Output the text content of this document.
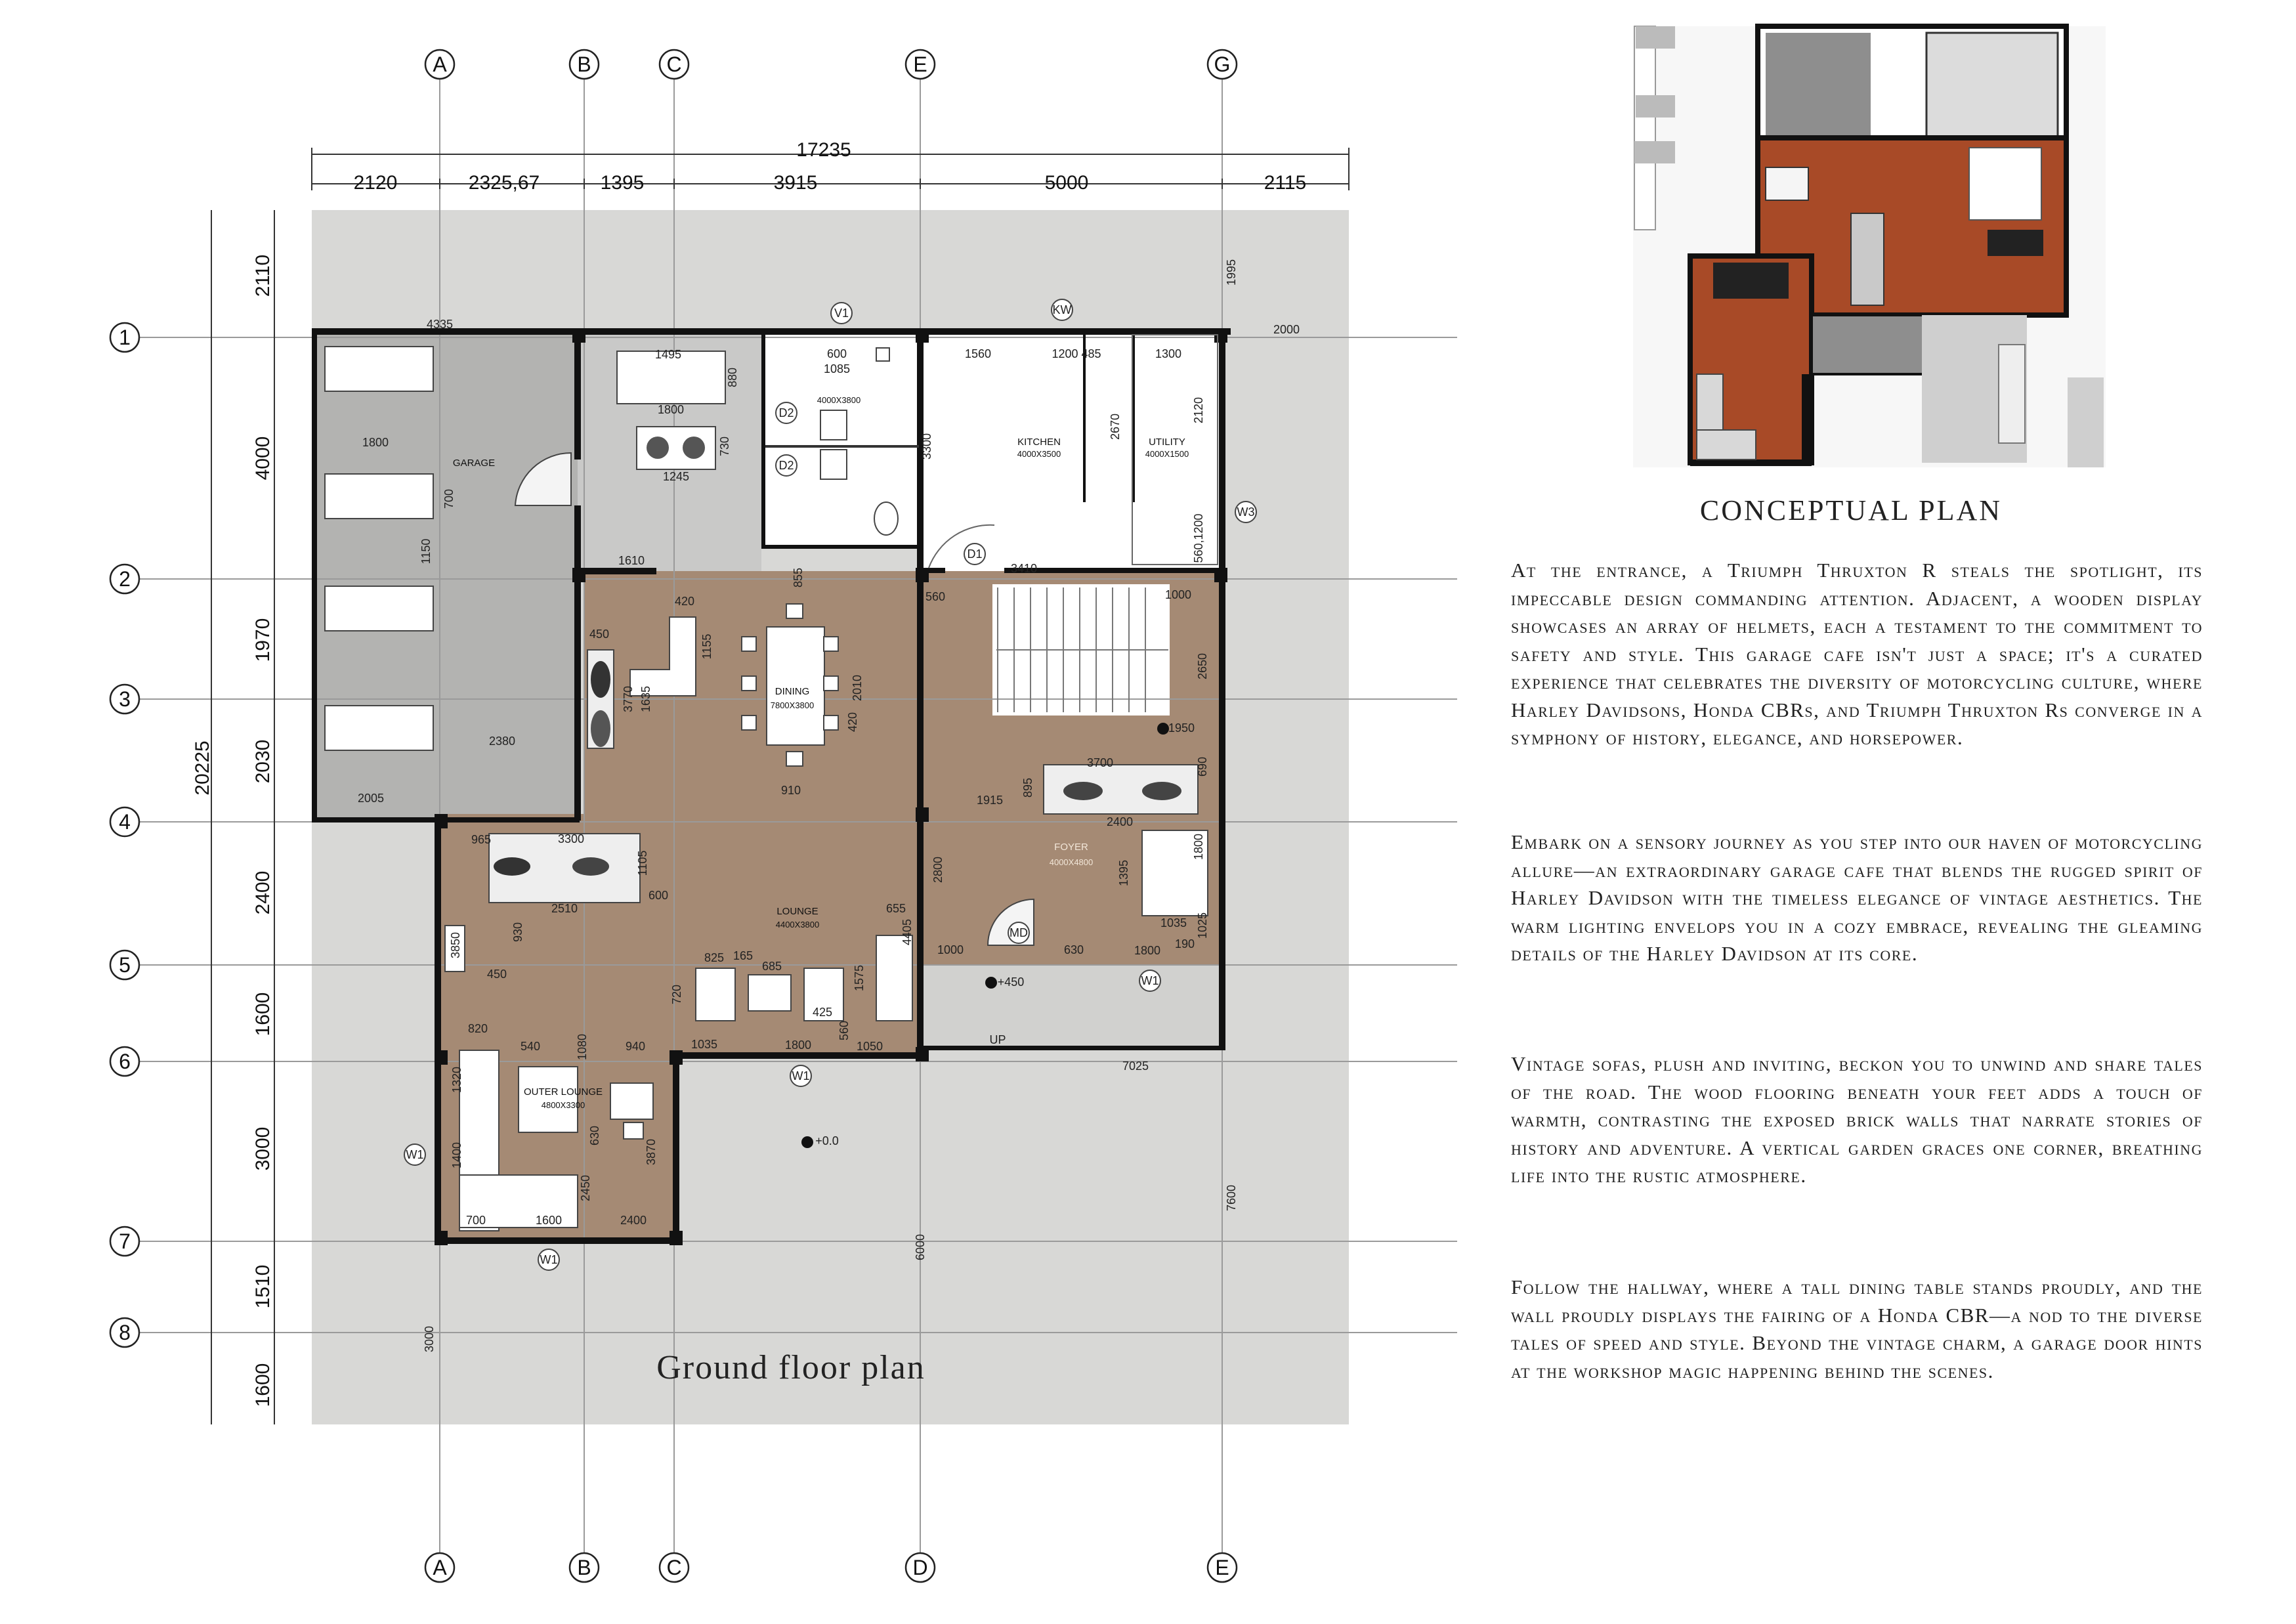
17235
2120	2325,67	1395	3915	5000	2115
20225
2110
4000
1970
2030
2400
1600
3000
1510
1600
A	B	C	E	G
A	B	C	D	E
1
2
3
4
5
6
7
8
GARAGE
DINING
7800X3800
KITCHEN
4000X3500
UTILITY
4000X1500
LOUNGE
4400X3800
FOYER
4000X4800
OUTER LOUNGE
4800X3300
4000X3800
V1	KW
W3
W1
W1
W1
W1
D1
D2
D2
MD
UP
4335
1800
1150
700
2380
2005
1495
1800
880
730
1245
600
1085
1560	1200 485	1300
2670
2120
3300
560,1200
3410
1995
2000
1610
855
420
450	1155
3770 1635	2010
420
910
560	1000
2650
3700	690
1915
895
2400
1800
1395
1035 1025
190
2800
1000	630	1800
7025
965	3300
1105
2510
600
3850	930
450
655
4405
825 165
685
720
1575
425
820
540	1080	940	1035	1800
560
1050
1320
1400
630
2450
3870
700	1600	2400
3000
6000
7600
1950
+450
+0.0
Ground floor plan
CONCEPTUAL PLAN

At the entrance, a Triumph Thruxton R steals the spotlight, its impeccable design commanding attention. Adjacent, a wooden display showcases an array of helmets, each a testament to the commitment to safety and style. This garage cafe isn't just a space; it's a curated experience that celebrates the diversity of motorcycling culture, where Harley Davidsons, Honda CBRs, and Triumph Thruxton Rs converge in a symphony of history, elegance, and horsepower.

Embark on a sensory journey as you step into our haven of motorcycling allure—an extraordinary garage cafe that blends the rugged spirit of Harley Davidson with the timeless elegance of vintage aesthetics. The warm lighting envelops you in a cozy embrace, revealing the gleaming details of the Harley Davidson at its core.

Vintage sofas, plush and inviting, beckon you to unwind and share tales of the road. The wood flooring beneath your feet adds a touch of warmth, contrasting the exposed brick walls that narrate stories of history and adventure. A vertical garden graces one corner, breathing life into the rustic atmosphere.

Follow the hallway, where a tall dining table stands proudly, and the wall proudly displays the fairing of a Honda CBR—a nod to the diverse tales of speed and style. Beyond the vintage charm, a garage door hints at the workshop magic happening behind the scenes.
